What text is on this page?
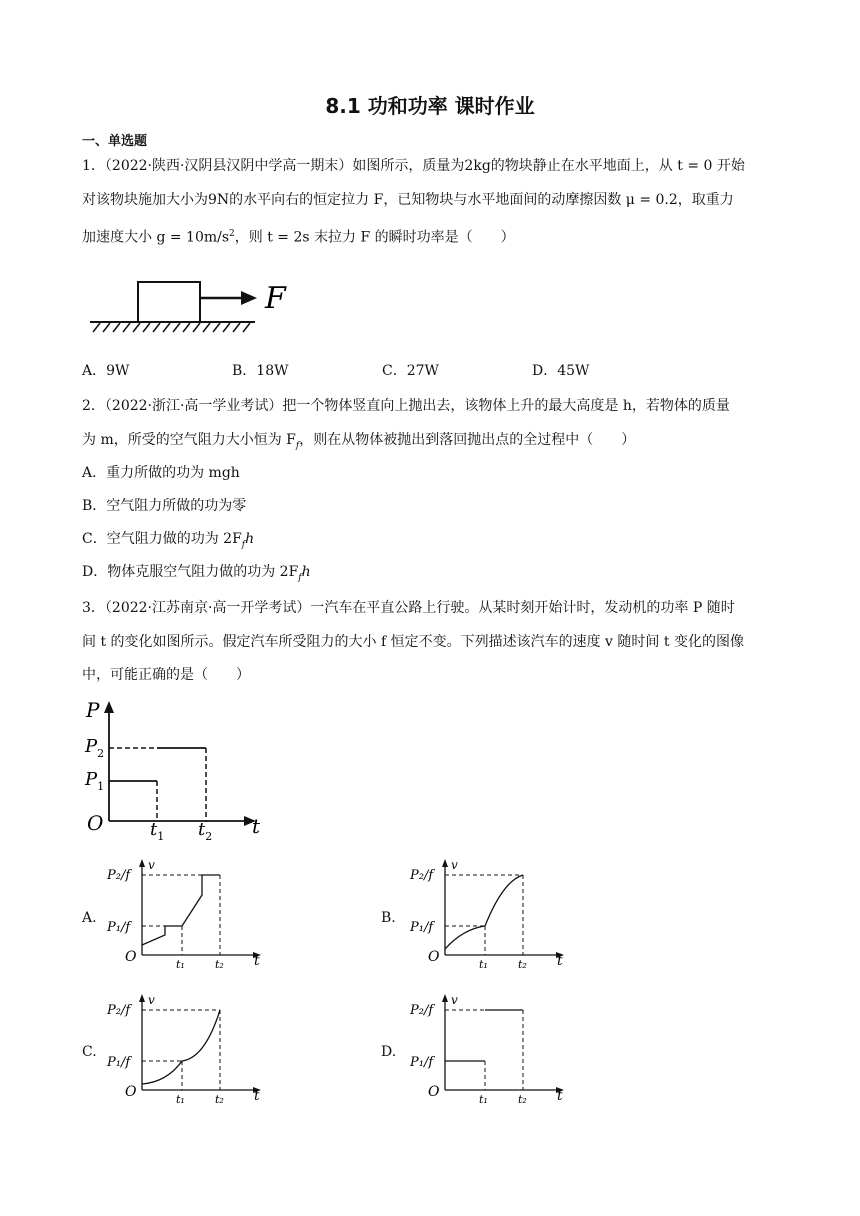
8.1 功和功率 课时作业
一、单选题
1．（2022·陕西·汉阴县汉阴中学高一期末）如图所示，质量为2kg的物块静止在水平地面上，从 t = 0 开始
对该物块施加大小为9N的水平向右的恒定拉力 F，已知物块与水平地面间的动摩擦因数 μ = 0.2，取重力
加速度大小 $g = 10m/s^2$，则 t = 2s 末拉力 F 的瞬时功率是（　　）
F
A．9W	B．18W	C．27W	D．45W
2．（2022·浙江·高一学业考试）把一个物体竖直向上抛出去，该物体上升的最大高度是 h，若物体的质量
为 m，所受的空气阻力大小恒为 $F_f$，则在从物体被抛出到落回抛出点的全过程中（　　）
A．重力所做的功为 mgh
B．空气阻力所做的功为零
C．空气阻力做的功为 $2F_fh$
D．物体克服空气阻力做的功为 $2F_fh$
3．（2022·江苏南京·高一开学考试）一汽车在平直公路上行驶。从某时刻开始计时，发动机的功率 P 随时
间 t 的变化如图所示。假定汽车所受阻力的大小 f 恒定不变。下列描述该汽车的速度 v 随时间 t 变化的图像
中，可能正确的是（　　）
P
$P_2$
$P_1$
O	$t_1$ $t_2$ t
A.
v
P₂/f
P₁/f
O	t₁	t₂ t
B.
v
P₂/f
P₁/f
O	t₁	t₂ t
C.
v
P₂/f
P₁/f
O	t₁	t₂ t
D.
v
P₂/f
P₁/f
O	t₁	t₂ t
